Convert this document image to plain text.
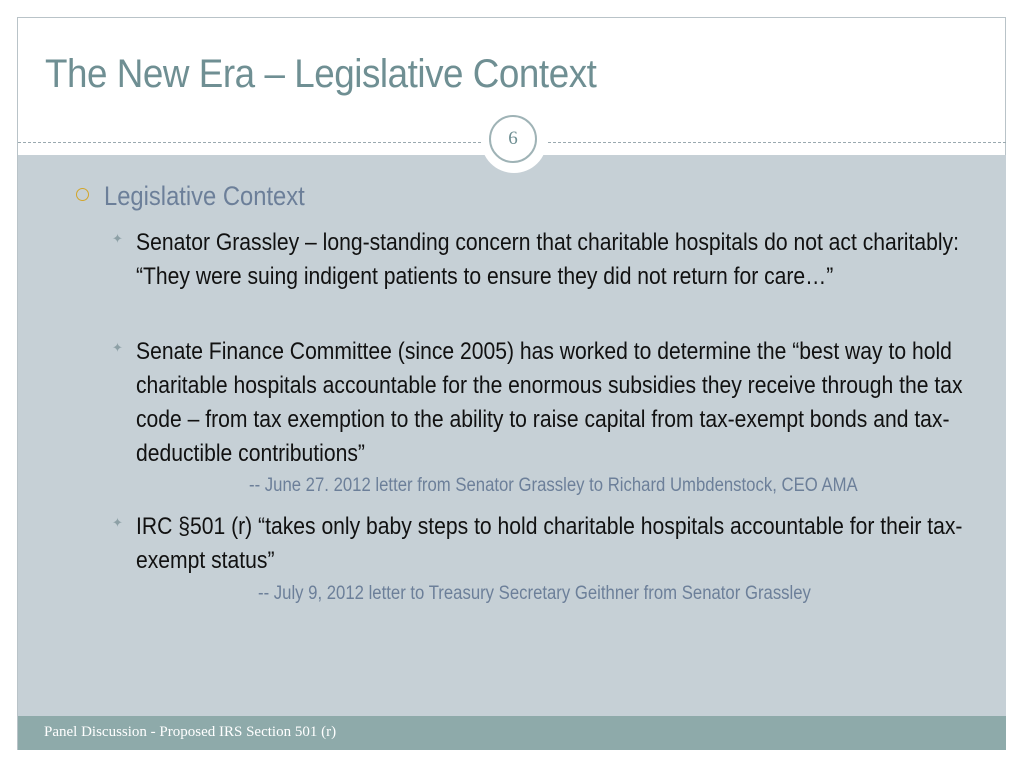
The New Era – Legislative Context
6
Legislative Context
✦ Senator Grassley – long-standing concern that charitable hospitals do not act charitably: “They were suing indigent patients to ensure they did not return for care…”
✦ Senate Finance Committee (since 2005) has worked to determine the “best way to hold charitable hospitals accountable for the enormous subsidies they receive through the tax code – from tax exemption to the ability to raise capital from tax-exempt bonds and tax-deductible contributions”
-- June 27. 2012 letter from Senator Grassley to Richard Umbdenstock, CEO AMA
✦ IRC §501 (r) “takes only baby steps to hold charitable hospitals accountable for their tax-exempt status”
-- July 9, 2012 letter to Treasury Secretary Geithner from Senator Grassley
Panel Discussion - Proposed IRS Section 501 (r)
